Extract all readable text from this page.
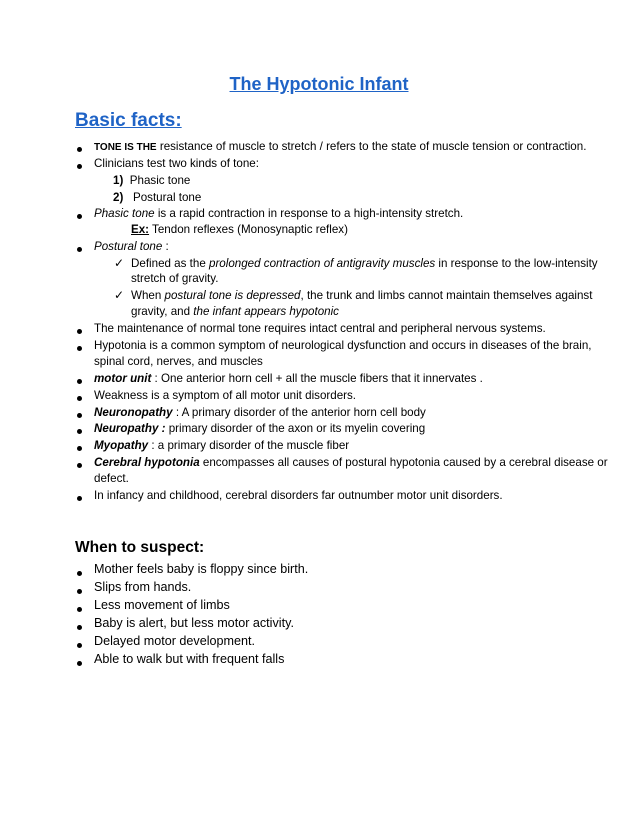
The Hypotonic Infant
Basic facts:
TONE IS THE resistance of muscle to stretch / refers to the state of muscle tension or contraction.
Clinicians test two kinds of tone:
1) Phasic tone
2)   Postural tone
Phasic tone is a rapid contraction in response to a high-intensity stretch.
Ex: Tendon reflexes (Monosynaptic reflex)
Postural tone :
✓ Defined as the prolonged contraction of antigravity muscles in response to the low-intensity
stretch of gravity.
✓ When postural tone is depressed, the trunk and limbs cannot maintain themselves against
gravity, and the infant appears hypotonic
The maintenance of normal tone requires intact central and peripheral nervous systems.
Hypotonia is a common symptom of neurological dysfunction and occurs in diseases of the brain,
spinal cord, nerves, and muscles
motor unit : One anterior horn cell + all the muscle fibers that it innervates .
Weakness is a symptom of all motor unit disorders.
Neuronopathy : A primary disorder of the anterior horn cell body
Neuropathy : primary disorder of the axon or its myelin covering
Myopathy : a primary disorder of the muscle fiber
Cerebral hypotonia encompasses all causes of postural hypotonia caused by a cerebral disease or
defect.
In infancy and childhood, cerebral disorders far outnumber motor unit disorders.
When to suspect:
Mother feels baby is floppy since birth.
Slips from hands.
Less movement of limbs
Baby is alert, but less motor activity.
Delayed motor development.
Able to walk but with frequent falls
